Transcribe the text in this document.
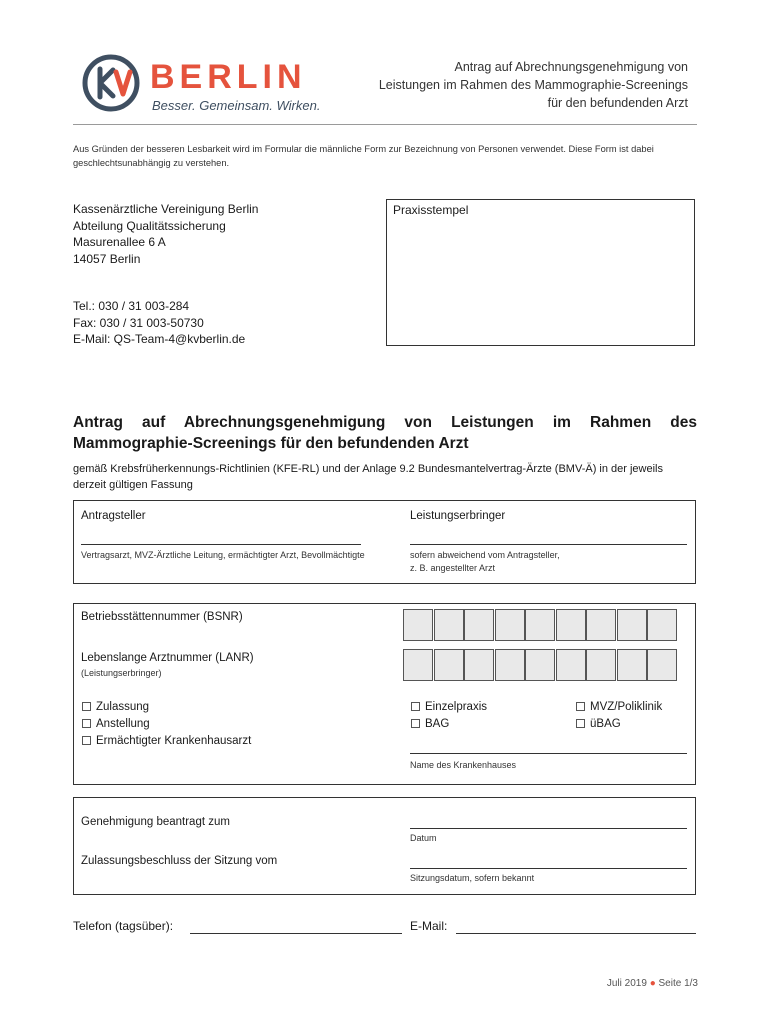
BERLIN
Besser. Gemeinsam. Wirken.
Antrag auf Abrechnungsgenehmigung von
Leistungen im Rahmen des Mammographie-Screenings
für den befundenden Arzt
Aus Gründen der besseren Lesbarkeit wird im Formular die männliche Form zur Bezeichnung von Personen verwendet. Diese Form ist dabei geschlechtsunabhängig zu verstehen.
Kassenärztliche Vereinigung Berlin
Abteilung Qualitätssicherung
Masurenallee 6 A
14057 Berlin
Tel.: 030 / 31 003-284
Fax: 030 / 31 003-50730
E-Mail: QS-Team-4@kvberlin.de
Praxisstempel
Antrag auf Abrechnungsgenehmigung von Leistungen im Rahmen des Mammographie-Screenings für den befundenden Arzt
gemäß Krebsfrüherkennungs-Richtlinien (KFE-RL) und der Anlage 9.2 Bundesmantelvertrag-Ärzte (BMV-Ä) in der jeweils derzeit gültigen Fassung
Antragsteller
Vertragsarzt, MVZ-Ärztliche Leitung, ermächtigter Arzt, Bevollmächtigte
Leistungserbringer
sofern abweichend vom Antragsteller,
z. B. angestellter Arzt
Betriebsstättennummer (BSNR)
Lebenslange Arztnummer (LANR)
(Leistungserbringer)
Zulassung
Anstellung
Ermächtigter Krankenhausarzt
Einzelpraxis
BAG
MVZ/Poliklinik
üBAG
Name des Krankenhauses
Genehmigung beantragt zum
Datum
Zulassungsbeschluss der Sitzung vom
Sitzungsdatum, sofern bekannt
Telefon (tagsüber):	E-Mail:
Juli 2019 ● Seite 1/3
